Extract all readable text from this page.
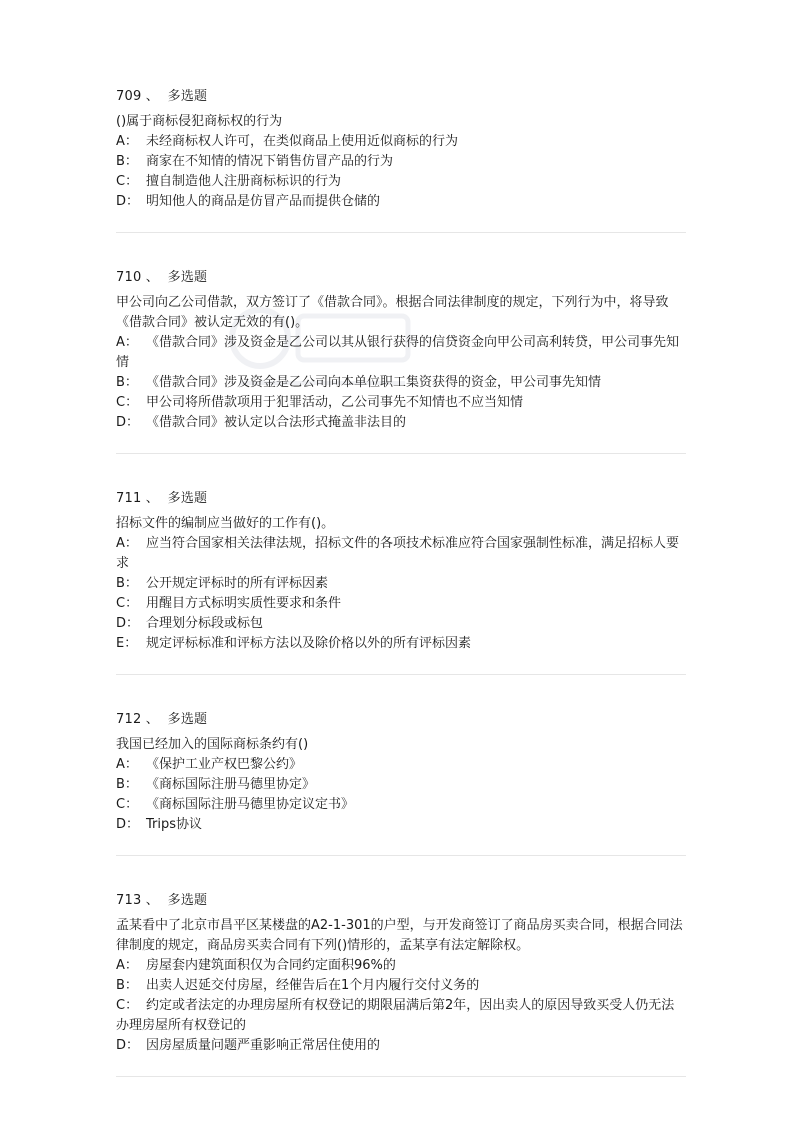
709 、 多选题

()属于商标侵犯商标权的行为

A： 未经商标权人许可，在类似商品上使用近似商标的行为

B： 商家在不知情的情况下销售仿冒产品的行为

C： 擅自制造他人注册商标标识的行为

D： 明知他人的商品是仿冒产品而提供仓储的

710 、 多选题

甲公司向乙公司借款，双方签订了《借款合同》。根据合同法律制度的规定，下列行为中，将导致《借款合同》被认定无效的有()。

A： 《借款合同》涉及资金是乙公司以其从银行获得的信贷资金向甲公司高利转贷，甲公司事先知情

B： 《借款合同》涉及资金是乙公司向本单位职工集资获得的资金，甲公司事先知情

C： 甲公司将所借款项用于犯罪活动，乙公司事先不知情也不应当知情

D： 《借款合同》被认定以合法形式掩盖非法目的

711 、 多选题

招标文件的编制应当做好的工作有()。

A： 应当符合国家相关法律法规，招标文件的各项技术标准应符合国家强制性标准，满足招标人要求

B： 公开规定评标时的所有评标因素

C： 用醒目方式标明实质性要求和条件

D： 合理划分标段或标包

E： 规定评标标准和评标方法以及除价格以外的所有评标因素

712 、 多选题

我国已经加入的国际商标条约有()

A： 《保护工业产权巴黎公约》

B： 《商标国际注册马德里协定》

C： 《商标国际注册马德里协定议定书》

D： Trips协议

713 、 多选题

孟某看中了北京市昌平区某楼盘的A2-1-301的户型，与开发商签订了商品房买卖合同，根据合同法律制度的规定，商品房买卖合同有下列()情形的，孟某享有法定解除权。

A： 房屋套内建筑面积仅为合同约定面积96%的

B： 出卖人迟延交付房屋，经催告后在1个月内履行交付义务的

C： 约定或者法定的办理房屋所有权登记的期限届满后第2年，因出卖人的原因导致买受人仍无法办理房屋所有权登记的

D： 因房屋质量问题严重影响正常居住使用的
